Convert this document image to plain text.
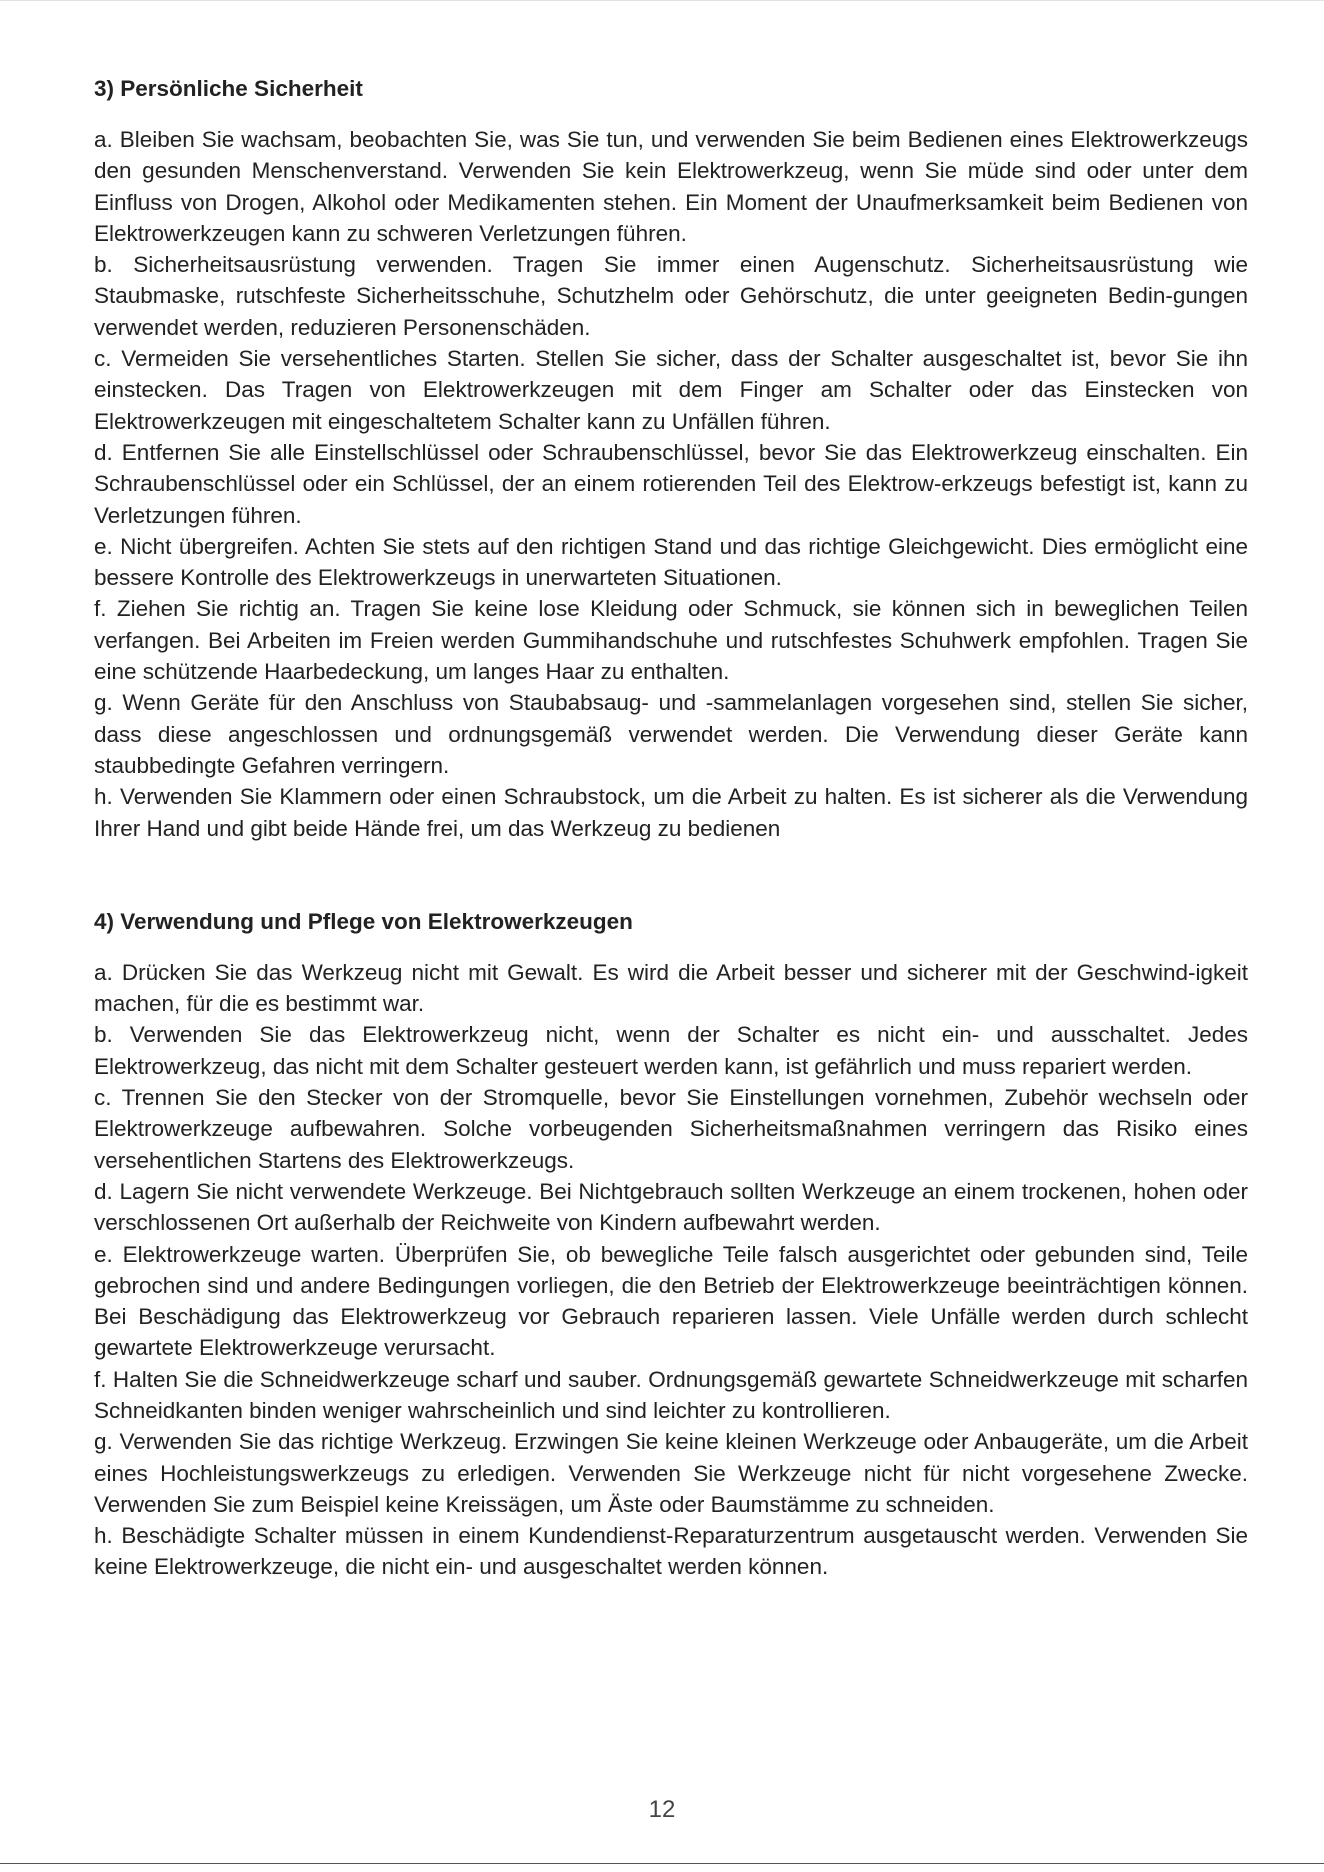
3) Persönliche Sicherheit

a. Bleiben Sie wachsam, beobachten Sie, was Sie tun, und verwenden Sie beim Bedienen eines Elektrowerkzeugs den gesunden Menschenverstand. Verwenden Sie kein Elektrowerkzeug, wenn Sie müde sind oder unter dem Einfluss von Drogen, Alkohol oder Medikamenten stehen. Ein Moment der Unaufmerksamkeit beim Bedienen von Elektrowerkzeugen kann zu schweren Verletzungen führen.

b. Sicherheitsausrüstung verwenden. Tragen Sie immer einen Augenschutz. Sicherheitsausrüstung wie Staubmaske, rutschfeste Sicherheitsschuhe, Schutzhelm oder Gehörschutz, die unter geeigneten Bedin-gungen verwendet werden, reduzieren Personenschäden.

c. Vermeiden Sie versehentliches Starten. Stellen Sie sicher, dass der Schalter ausgeschaltet ist, bevor Sie ihn einstecken. Das Tragen von Elektrowerkzeugen mit dem Finger am Schalter oder das Einstecken von Elektrowerkzeugen mit eingeschaltetem Schalter kann zu Unfällen führen.

d. Entfernen Sie alle Einstellschlüssel oder Schraubenschlüssel, bevor Sie das Elektrowerkzeug einschalten. Ein Schraubenschlüssel oder ein Schlüssel, der an einem rotierenden Teil des Elektrow-erkzeugs befestigt ist, kann zu Verletzungen führen.

e. Nicht übergreifen. Achten Sie stets auf den richtigen Stand und das richtige Gleichgewicht. Dies ermöglicht eine bessere Kontrolle des Elektrowerkzeugs in unerwarteten Situationen.

f. Ziehen Sie richtig an. Tragen Sie keine lose Kleidung oder Schmuck, sie können sich in beweglichen Teilen verfangen. Bei Arbeiten im Freien werden Gummihandschuhe und rutschfestes Schuhwerk empfohlen. Tragen Sie eine schützende Haarbedeckung, um langes Haar zu enthalten.

g. Wenn Geräte für den Anschluss von Staubabsaug- und -sammelanlagen vorgesehen sind, stellen Sie sicher, dass diese angeschlossen und ordnungsgemäß verwendet werden. Die Verwendung dieser Geräte kann staubbedingte Gefahren verringern.

h. Verwenden Sie Klammern oder einen Schraubstock, um die Arbeit zu halten. Es ist sicherer als die Verwendung Ihrer Hand und gibt beide Hände frei, um das Werkzeug zu bedienen

4) Verwendung und Pflege von Elektrowerkzeugen

a. Drücken Sie das Werkzeug nicht mit Gewalt. Es wird die Arbeit besser und sicherer mit der Geschwind-igkeit machen, für die es bestimmt war.

b. Verwenden Sie das Elektrowerkzeug nicht, wenn der Schalter es nicht ein- und ausschaltet. Jedes Elektrowerkzeug, das nicht mit dem Schalter gesteuert werden kann, ist gefährlich und muss repariert werden.

c. Trennen Sie den Stecker von der Stromquelle, bevor Sie Einstellungen vornehmen, Zubehör wechseln oder Elektrowerkzeuge aufbewahren. Solche vorbeugenden Sicherheitsmaßnahmen verringern das Risiko eines versehentlichen Startens des Elektrowerkzeugs.

d. Lagern Sie nicht verwendete Werkzeuge. Bei Nichtgebrauch sollten Werkzeuge an einem trockenen, hohen oder verschlossenen Ort außerhalb der Reichweite von Kindern aufbewahrt werden.

e. Elektrowerkzeuge warten. Überprüfen Sie, ob bewegliche Teile falsch ausgerichtet oder gebunden sind, Teile gebrochen sind und andere Bedingungen vorliegen, die den Betrieb der Elektrowerkzeuge beeinträchtigen können. Bei Beschädigung das Elektrowerkzeug vor Gebrauch reparieren lassen. Viele Unfälle werden durch schlecht gewartete Elektrowerkzeuge verursacht.

f. Halten Sie die Schneidwerkzeuge scharf und sauber. Ordnungsgemäß gewartete Schneidwerkzeuge mit scharfen Schneidkanten binden weniger wahrscheinlich und sind leichter zu kontrollieren.

g. Verwenden Sie das richtige Werkzeug. Erzwingen Sie keine kleinen Werkzeuge oder Anbaugeräte, um die Arbeit eines Hochleistungswerkzeugs zu erledigen. Verwenden Sie Werkzeuge nicht für nicht vorgesehene Zwecke. Verwenden Sie zum Beispiel keine Kreissägen, um Äste oder Baumstämme zu schneiden.

h. Beschädigte Schalter müssen in einem Kundendienst-Reparaturzentrum ausgetauscht werden. Verwenden Sie keine Elektrowerkzeuge, die nicht ein- und ausgeschaltet werden können.

12
